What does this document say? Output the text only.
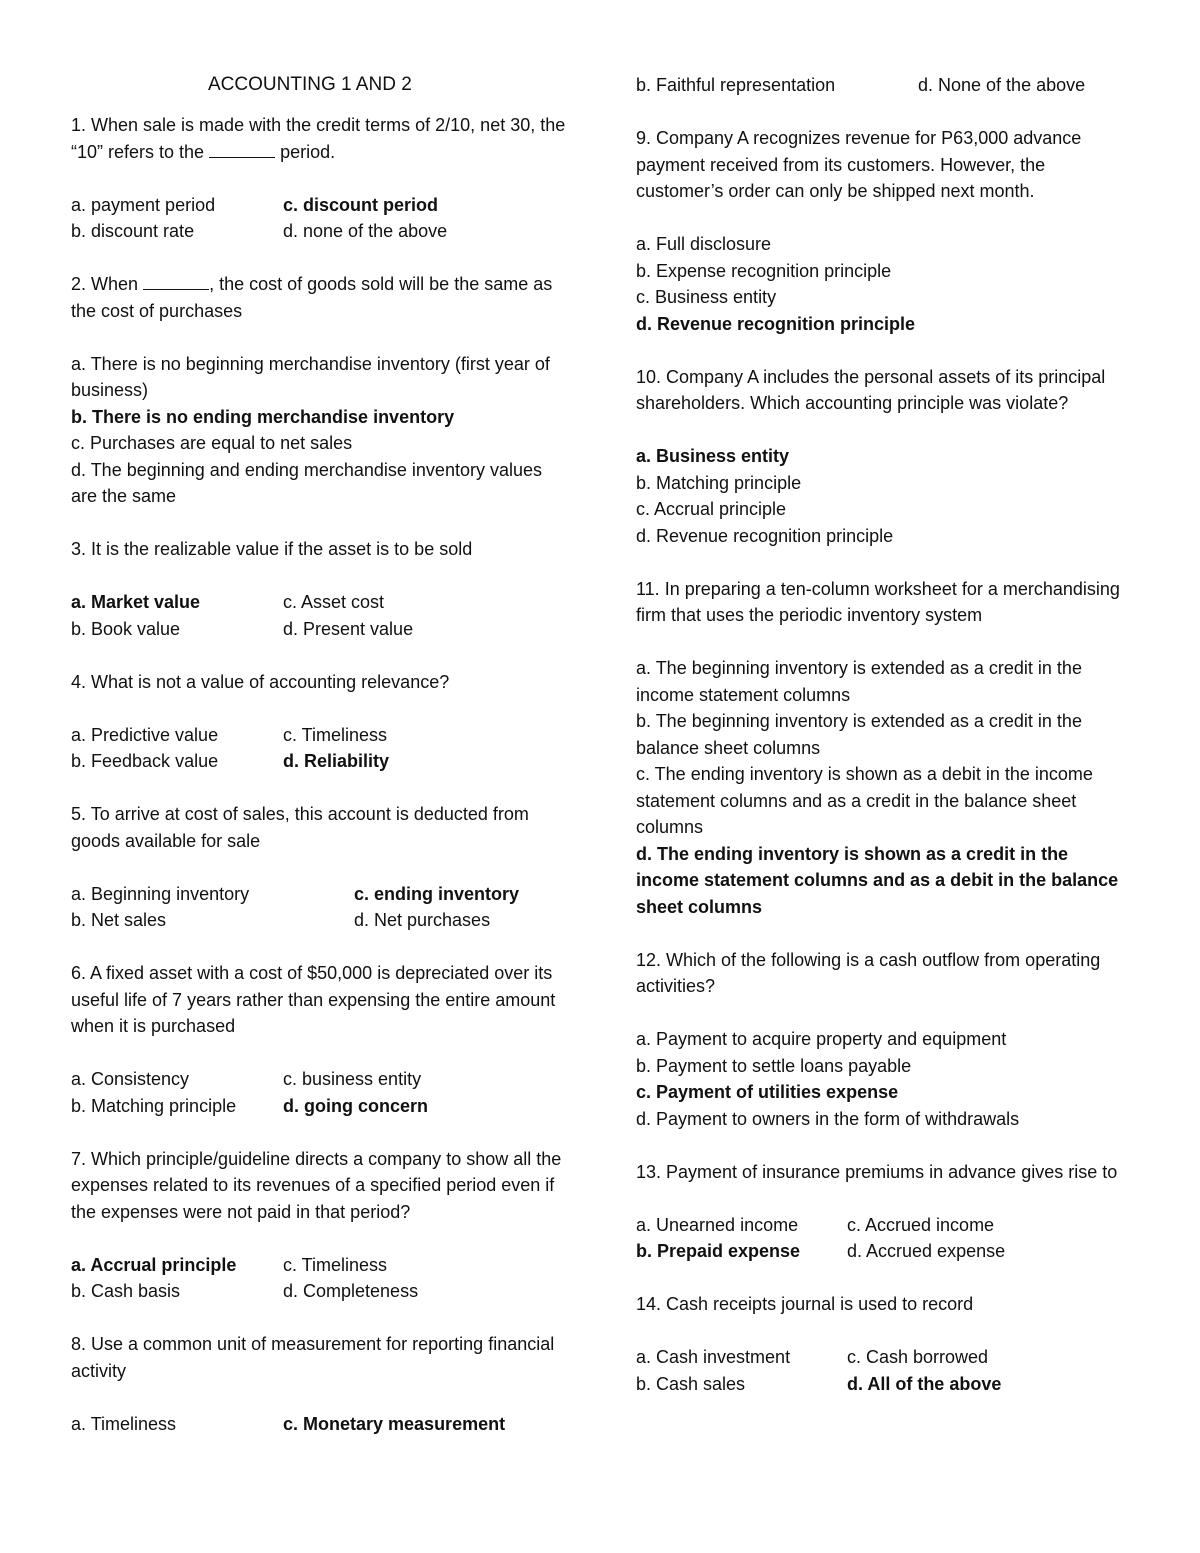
ACCOUNTING 1 AND 2

1. When sale is made with the credit terms of 2/10, net 30, the “10” refers to the	period.

a. payment period	c. discount period
b. discount rate	d. none of the above

2. When	, the cost of goods sold will be the same as the cost of purchases

a. There is no beginning merchandise inventory (first year of business)
b. There is no ending merchandise inventory
c. Purchases are equal to net sales
d. The beginning and ending merchandise inventory values are the same

3. It is the realizable value if the asset is to be sold

a. Market value	c. Asset cost
b. Book value	d. Present value

4. What is not a value of accounting relevance?

a. Predictive value	c. Timeliness
b. Feedback value	d. Reliability

5. To arrive at cost of sales, this account is deducted from goods available for sale

a. Beginning inventory	c. ending inventory
b. Net sales	d. Net purchases

6. A fixed asset with a cost of $50,000 is depreciated over its useful life of 7 years rather than expensing the entire amount when it is purchased

a. Consistency	c. business entity
b. Matching principle	d. going concern

7. Which principle/guideline directs a company to show all the expenses related to its revenues of a specified period even if the expenses were not paid in that period?

a. Accrual principle	c. Timeliness
b. Cash basis	d. Completeness

8. Use a common unit of measurement for reporting financial activity

a. Timeliness	c. Monetary measurement
b. Faithful representation	d. None of the above

9. Company A recognizes revenue for P63,000 advance payment received from its customers. However, the customer’s order can only be shipped next month.

a. Full disclosure
b. Expense recognition principle
c. Business entity
d. Revenue recognition principle

10. Company A includes the personal assets of its principal shareholders. Which accounting principle was violate?

a. Business entity
b. Matching principle
c. Accrual principle
d. Revenue recognition principle

11. In preparing a ten-column worksheet for a merchandising firm that uses the periodic inventory system

a. The beginning inventory is extended as a credit in the income statement columns
b. The beginning inventory is extended as a credit in the balance sheet columns
c. The ending inventory is shown as a debit in the income statement columns and as a credit in the balance sheet columns
d. The ending inventory is shown as a credit in the income statement columns and as a debit in the balance sheet columns

12. Which of the following is a cash outflow from operating activities?

a. Payment to acquire property and equipment
b. Payment to settle loans payable
c. Payment of utilities expense
d. Payment to owners in the form of withdrawals

13. Payment of insurance premiums in advance gives rise to

a. Unearned income	c. Accrued income
b. Prepaid expense	d. Accrued expense

14. Cash receipts journal is used to record

a. Cash investment	c. Cash borrowed
b. Cash sales	d. All of the above
